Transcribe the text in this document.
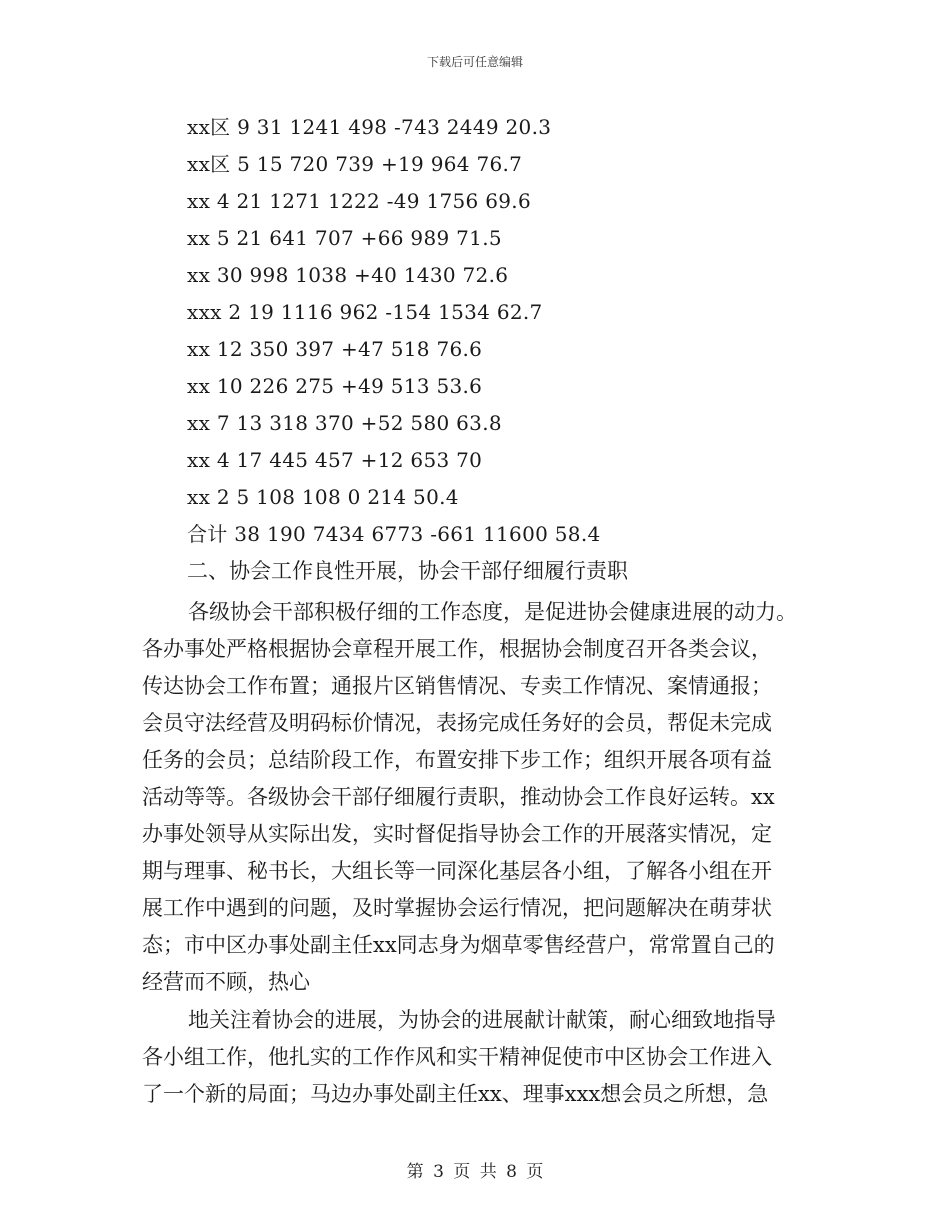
下载后可任意编辑
xx区 9 31 1241 498 -743 2449 20.3
xx区 5 15 720 739 +19 964 76.7
xx 4 21 1271 1222 -49 1756 69.6
xx 5 21 641 707 +66 989 71.5
xx 30 998 1038 +40 1430 72.6
xxx 2 19 1116 962 -154 1534 62.7
xx 12 350 397 +47 518 76.6
xx 10 226 275 +49 513 53.6
xx 7 13 318 370 +52 580 63.8
xx 4 17 445 457 +12 653 70
xx 2 5 108 108 0 214 50.4
合计 38 190 7434 6773 -661 11600 58.4
二、协会工作良性开展，协会干部仔细履行责职
各级协会干部积极仔细的工作态度，是促进协会健康进展的动力。
各办事处严格根据协会章程开展工作，根据协会制度召开各类会议，
传达协会工作布置；通报片区销售情况、专卖工作情况、案情通报；
会员守法经营及明码标价情况，表扬完成任务好的会员，帮促未完成
任务的会员；总结阶段工作，布置安排下步工作；组织开展各项有益
活动等等。各级协会干部仔细履行责职，推动协会工作良好运转。xx
办事处领导从实际出发，实时督促指导协会工作的开展落实情况，定
期与理事、秘书长，大组长等一同深化基层各小组，了解各小组在开
展工作中遇到的问题，及时掌握协会运行情况，把问题解决在萌芽状
态；市中区办事处副主任xx同志身为烟草零售经营户，常常置自己的
经营而不顾，热心
地关注着协会的进展，为协会的进展献计献策，耐心细致地指导
各小组工作，他扎实的工作作风和实干精神促使市中区协会工作进入
了一个新的局面；马边办事处副主任xx、理事xxx想会员之所想，急
第 3 页 共 8 页
